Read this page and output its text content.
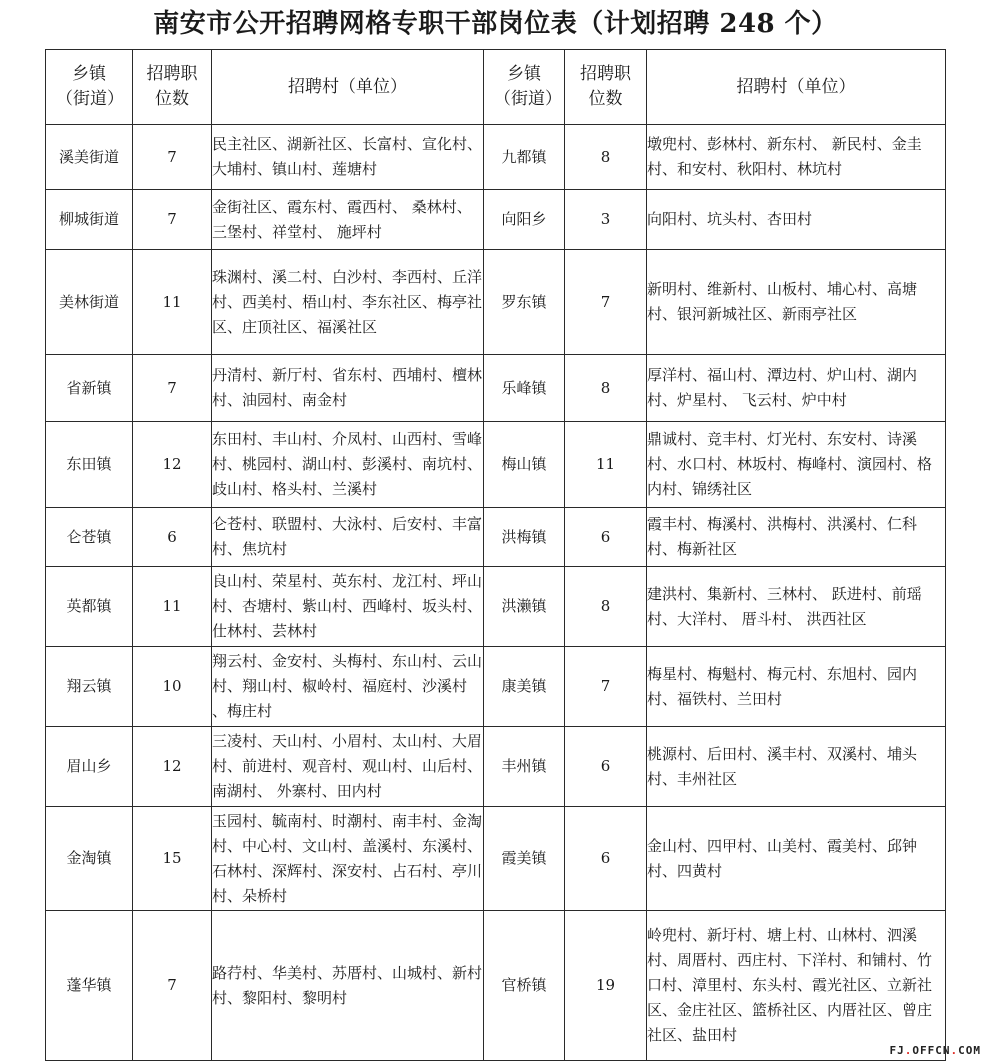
南安市公开招聘网格专职干部岗位表（计划招聘 248 个）
乡镇（街道）	招聘职位数	招聘村（单位）	乡镇（街道）	招聘职位数	招聘村（单位）
溪美街道	7	民主社区、湖新社区、长富村、宣化村、大埔村、镇山村、莲塘村	九都镇	8	墩兜村、彭林村、新东村、 新民村、金圭村、和安村、秋阳村、林坑村
柳城街道	7	金街社区、霞东村、霞西村、 桑林村、三堡村、祥堂村、 施坪村	向阳乡	3	向阳村、坑头村、杏田村
美林街道	11	珠渊村、溪二村、白沙村、李西村、丘洋村、西美村、梧山村、李东社区、梅亭社区、庄顶社区、福溪社区	罗东镇	7	新明村、维新村、山板村、埔心村、高塘村、银河新城社区、新雨亭社区
省新镇	7	丹清村、新厅村、省东村、西埔村、檀林村、油园村、南金村	乐峰镇	8	厚洋村、福山村、潭边村、炉山村、湖内村、炉星村、 飞云村、炉中村
东田镇	12	东田村、丰山村、介凤村、山西村、雪峰村、桃园村、湖山村、彭溪村、南坑村、歧山村、格头村、兰溪村	梅山镇	11	鼎诚村、竞丰村、灯光村、东安村、诗溪村、水口村、林坂村、梅峰村、演园村、格内村、锦绣社区
仑苍镇	6	仑苍村、联盟村、大泳村、后安村、丰富村、焦坑村	洪梅镇	6	霞丰村、梅溪村、洪梅村、洪溪村、仁科村、梅新社区
英都镇	11	良山村、荣星村、英东村、龙江村、坪山村、杏塘村、紫山村、西峰村、坂头村、仕林村、芸林村	洪濑镇	8	建洪村、集新村、三林村、 跃进村、前瑶村、大洋村、 厝斗村、 洪西社区
翔云镇	10	翔云村、金安村、头梅村、东山村、云山村、翔山村、椒岭村、福庭村、沙溪村 、梅庄村	康美镇	7	梅星村、梅魁村、梅元村、东旭村、园内村、福铁村、兰田村
眉山乡	12	三凌村、天山村、小眉村、太山村、大眉村、前进村、观音村、观山村、山后村、南湖村、 外寨村、田内村	丰州镇	6	桃源村、后田村、溪丰村、双溪村、埔头村、丰州社区
金淘镇	15	玉园村、毓南村、时潮村、南丰村、金淘村、中心村、文山村、盖溪村、东溪村、石林村、深辉村、深安村、占石村、亭川村、朵桥村	霞美镇	6	金山村、四甲村、山美村、霞美村、邱钟村、四黄村
蓬华镇	7	路荇村、华美村、苏厝村、山城村、新村村、黎阳村、黎明村	官桥镇	19	岭兜村、新圩村、塘上村、山林村、泗溪村、周厝村、西庄村、下洋村、和铺村、竹口村、漳里村、东头村、霞光社区、立新社区、金庄社区、篮桥社区、内厝社区、曾庄社区、盐田村
FJ.OFFCN.COM
